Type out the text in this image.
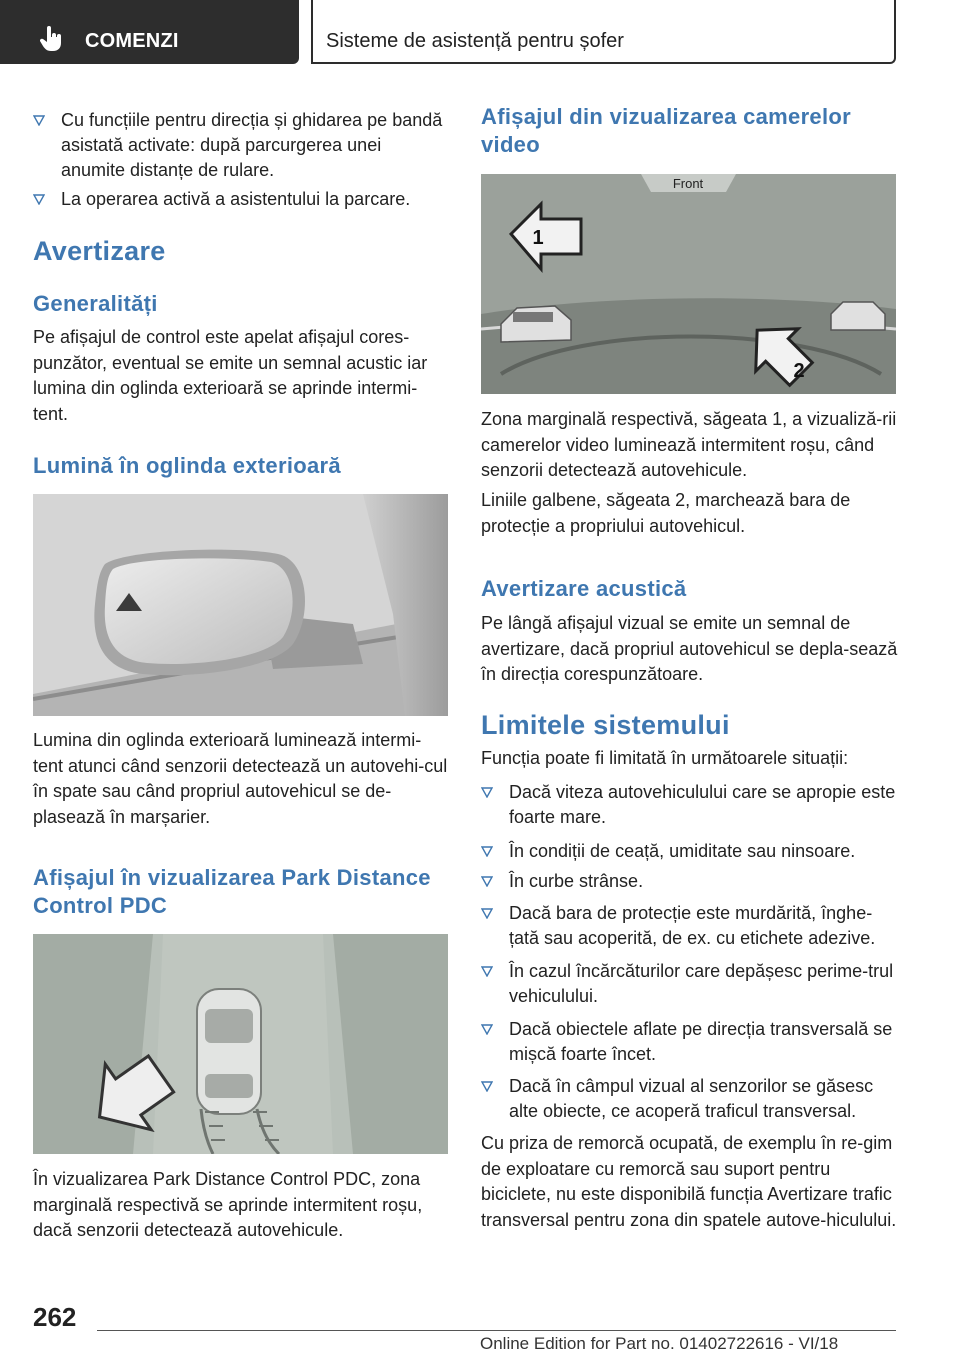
COMENZI	Sisteme de asistență pentru șofer
Cu funcțiile pentru direcția și ghidarea pe bandă asistată activate: după parcurgerea unei anumite distanțe de rulare.
La operarea activă a asistentului la parcare.
Avertizare
Generalități
Pe afișajul de control este apelat afișajul cores-punzător, eventual se emite un semnal acustic iar lumina din oglinda exterioară se aprinde intermi-tent.
Lumină în oglinda exterioară
Lumina din oglinda exterioară luminează intermi-tent atunci când senzorii detectează un autovehi-cul în spate sau când propriul autovehicul se de-plasează în marșarier.
Afișajul în vizualizarea Park Distance Control PDC
În vizualizarea Park Distance Control PDC, zona marginală respectivă se aprinde intermitent roșu, dacă senzorii detectează autovehicule.
Afișajul din vizualizarea camerelor video
Front
1
2
Zona marginală respectivă, săgeata 1, a vizualiză-rii camerelor video luminează intermitent roșu, când senzorii detectează autovehicule.
Liniile galbene, săgeata 2, marchează bara de protecție a propriului autovehicul.
Avertizare acustică
Pe lângă afișajul vizual se emite un semnal de avertizare, dacă propriul autovehicul se depla-sează în direcția corespunzătoare.
Limitele sistemului
Funcția poate fi limitată în următoarele situații:
Dacă viteza autovehiculului care se apropie este foarte mare.
În condiții de ceață, umiditate sau ninsoare.
În curbe strânse.
Dacă bara de protecție este murdărită, înghe-țată sau acoperită, de ex. cu etichete adezive.
În cazul încărcăturilor care depășesc perime-trul vehiculului.
Dacă obiectele aflate pe direcția transversală se mișcă foarte încet.
Dacă în câmpul vizual al senzorilor se găsesc alte obiecte, ce acoperă traficul transversal.
Cu priza de remorcă ocupată, de exemplu în re-gim de exploatare cu remorcă sau suport pentru biciclete, nu este disponibilă funcția Avertizare trafic transversal pentru zona din spatele autove-hiculului.
262
Online Edition for Part no. 01402722616 - VI/18
